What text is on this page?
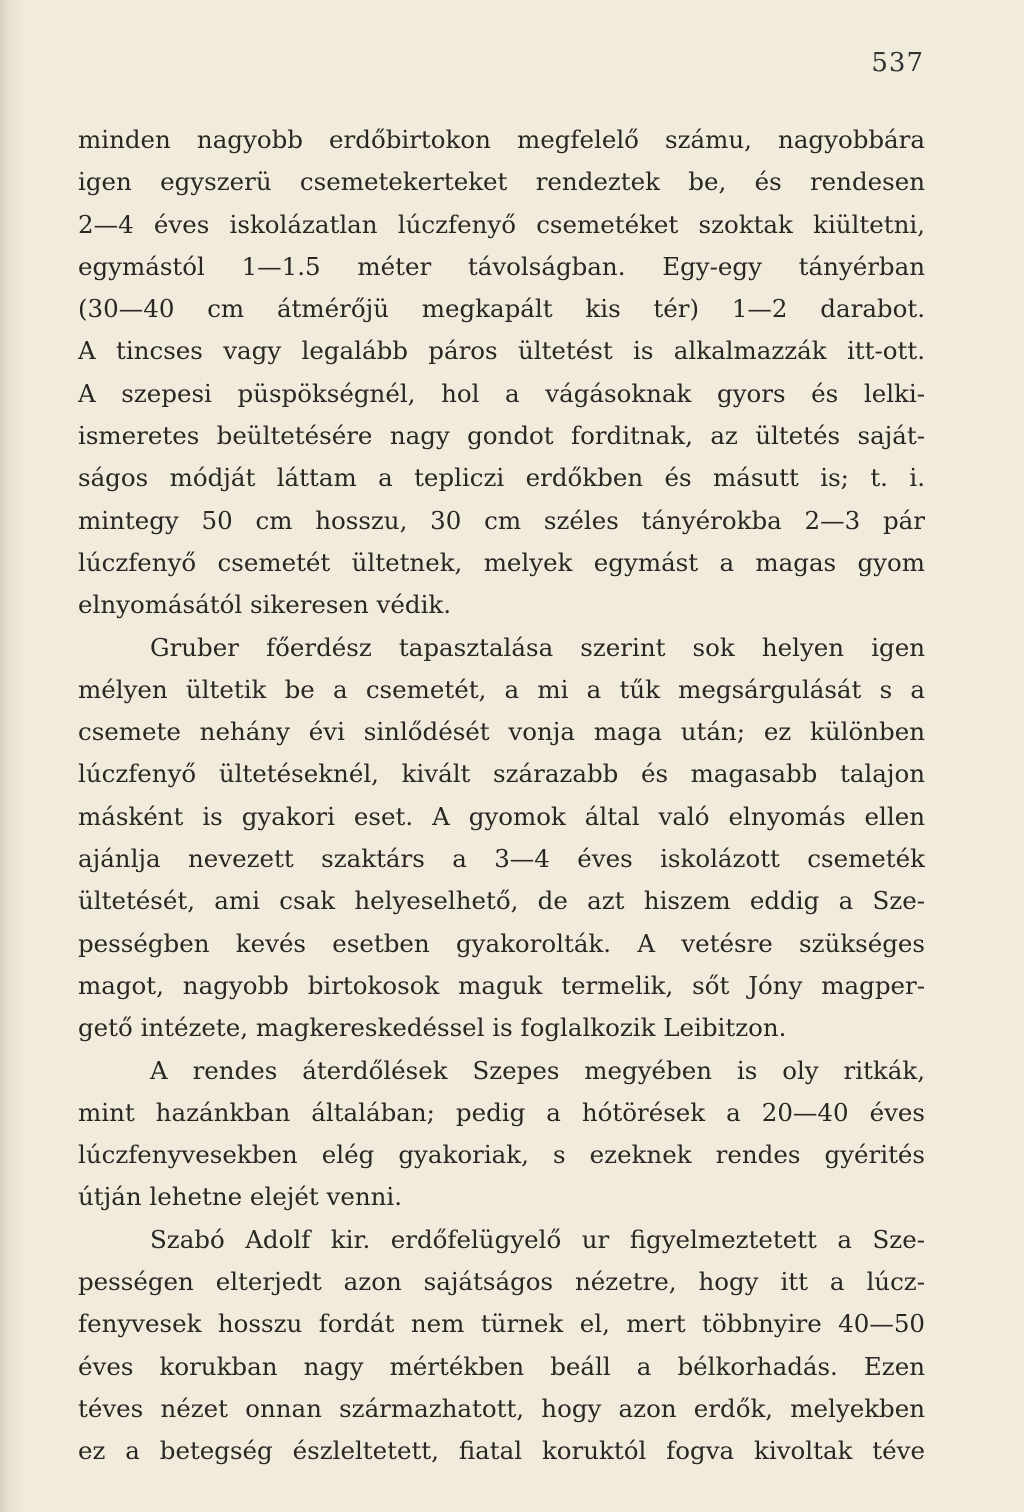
537
minden nagyobb erdőbirtokon megfelelő számu, nagyobbára
igen egyszerü csemetekerteket rendeztek be, és rendesen
2—4 éves iskolázatlan lúczfenyő csemetéket szoktak kiültetni,
egymástól 1—1.5 méter távolságban. Egy-egy tányérban
(30—40 cm átmérőjü megkapált kis tér) 1—2 darabot.
A tincses vagy legalább páros ültetést is alkalmazzák itt-ott.
A szepesi püspökségnél, hol a vágásoknak gyors és lelki-
ismeretes beültetésére nagy gondot forditnak, az ültetés saját-
ságos módját láttam a tepliczi erdőkben és másutt is; t. i.
mintegy 50 cm hosszu, 30 cm széles tányérokba 2—3 pár
lúczfenyő csemetét ültetnek, melyek egymást a magas gyom
elnyomásától sikeresen védik.
Gruber főerdész tapasztalása szerint sok helyen igen
mélyen ültetik be a csemetét, a mi a tűk megsárgulását s a
csemete nehány évi sinlődését vonja maga után; ez különben
lúczfenyő ültetéseknél, kivált szárazabb és magasabb talajon
másként is gyakori eset. A gyomok által való elnyomás ellen
ajánlja nevezett szaktárs a 3—4 éves iskolázott csemeték
ültetését, ami csak helyeselhető, de azt hiszem eddig a Sze-
pességben kevés esetben gyakorolták. A vetésre szükséges
magot, nagyobb birtokosok maguk termelik, sőt Jóny magper-
gető intézete, magkereskedéssel is foglalkozik Leibitzon.
A rendes áterdőlések Szepes megyében is oly ritkák,
mint hazánkban általában; pedig a hótörések a 20—40 éves
lúczfenyvesekben elég gyakoriak, s ezeknek rendes gyérités
útján lehetne elejét venni.
Szabó Adolf kir. erdőfelügyelő ur figyelmeztetett a Sze-
pességen elterjedt azon sajátságos nézetre, hogy itt a lúcz-
fenyvesek hosszu fordát nem türnek el, mert többnyire 40—50
éves korukban nagy mértékben beáll a bélkorhadás. Ezen
téves nézet onnan származhatott, hogy azon erdők, melyekben
ez a betegség észleltetett, fiatal koruktól fogva kivoltak téve
